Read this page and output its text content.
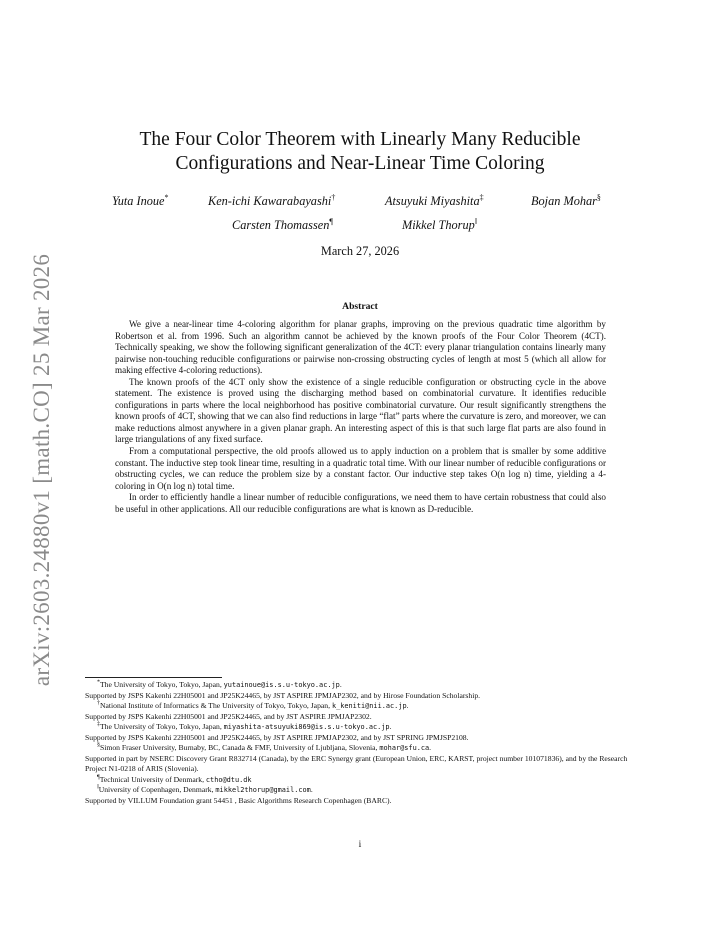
arXiv:2603.24880v1 [math.CO] 25 Mar 2026
The Four Color Theorem with Linearly Many Reducible
Configurations and Near-Linear Time Coloring
Yuta Inoue*	Ken-ichi Kawarabayashi†	Atsuyuki Miyashita‡	Bojan Mohar§
Carsten Thomassen¶	Mikkel Thorup‖
March 27, 2026
Abstract

We give a near-linear time 4-coloring algorithm for planar graphs, improving on the previous quadratic time algorithm by Robertson et al. from 1996. Such an algorithm cannot be achieved by the known proofs of the Four Color Theorem (4CT). Technically speaking, we show the following significant generalization of the 4CT: every planar triangulation contains linearly many pairwise non-touching reducible configurations or pairwise non-crossing obstructing cycles of length at most 5 (which all allow for making effective 4-coloring reductions).

The known proofs of the 4CT only show the existence of a single reducible configuration or obstructing cycle in the above statement. The existence is proved using the discharging method based on combinatorial curvature. It identifies reducible configurations in parts where the local neighborhood has positive combinatorial curvature. Our result significantly strengthens the known proofs of 4CT, showing that we can also find reductions in large “flat” parts where the curvature is zero, and moreover, we can make reductions almost anywhere in a given planar graph. An interesting aspect of this is that such large flat parts are also found in large triangulations of any fixed surface.

From a computational perspective, the old proofs allowed us to apply induction on a problem that is smaller by some additive constant. The inductive step took linear time, resulting in a quadratic total time. With our linear number of reducible configurations or obstructing cycles, we can reduce the problem size by a constant factor. Our inductive step takes O(n log n) time, yielding a 4-coloring in O(n log n) total time.

In order to efficiently handle a linear number of reducible configurations, we need them to have certain robustness that could also be useful in other applications. All our reducible configurations are what is known as D-reducible.

*The University of Tokyo, Tokyo, Japan, yutainoue@is.s.u-tokyo.ac.jp.

Supported by JSPS Kakenhi 22H05001 and JP25K24465, by JST ASPIRE JPMJAP2302, and by Hirose Foundation Scholarship.

†National Institute of Informatics & The University of Tokyo, Tokyo, Japan, k_keniti@nii.ac.jp.

Supported by JSPS Kakenhi 22H05001 and JP25K24465, and by JST ASPIRE JPMJAP2302.

‡The University of Tokyo, Tokyo, Japan, miyashita-atsuyuki869@is.s.u-tokyo.ac.jp.

Supported by JSPS Kakenhi 22H05001 and JP25K24465, by JST ASPIRE JPMJAP2302, and by JST SPRING JPMJSP2108.

§Simon Fraser University, Burnaby, BC, Canada & FMF, University of Ljubljana, Slovenia, mohar@sfu.ca.

Supported in part by NSERC Discovery Grant R832714 (Canada), by the ERC Synergy grant (European Union, ERC, KARST, project number 101071836), and by the Research Project N1-0218 of ARIS (Slovenia).

¶Technical University of Denmark, ctho@dtu.dk

‖University of Copenhagen, Denmark, mikkel2thorup@gmail.com.

Supported by VILLUM Foundation grant 54451 , Basic Algorithms Research Copenhagen (BARC).

i
